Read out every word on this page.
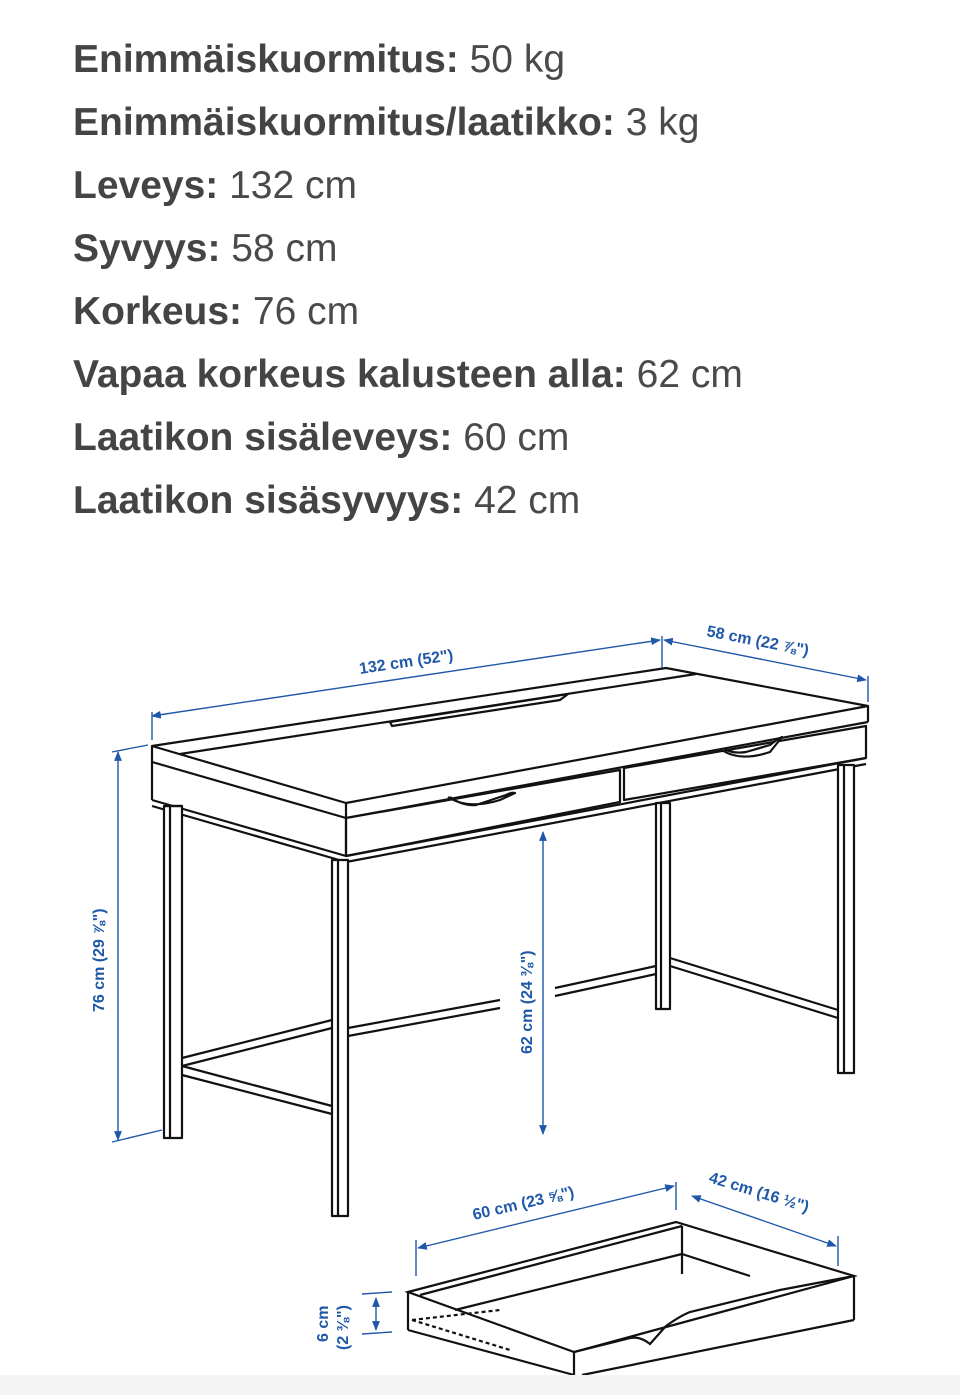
Enimmäiskuormitus: 50 kg
Enimmäiskuormitus/laatikko: 3 kg
Leveys: 132 cm
Syvyys: 58 cm
Korkeus: 76 cm
Vapaa korkeus kalusteen alla: 62 cm
Laatikon sisäleveys: 60 cm
Laatikon sisäsyvyys: 42 cm
132 cm (52")
58 cm (22 ⅞")
76 cm (29 ⅞")	62 cm (24 ⅜")
60 cm (23 ⅝")	42 cm (16 ½")
6 cm (2 ⅜")
